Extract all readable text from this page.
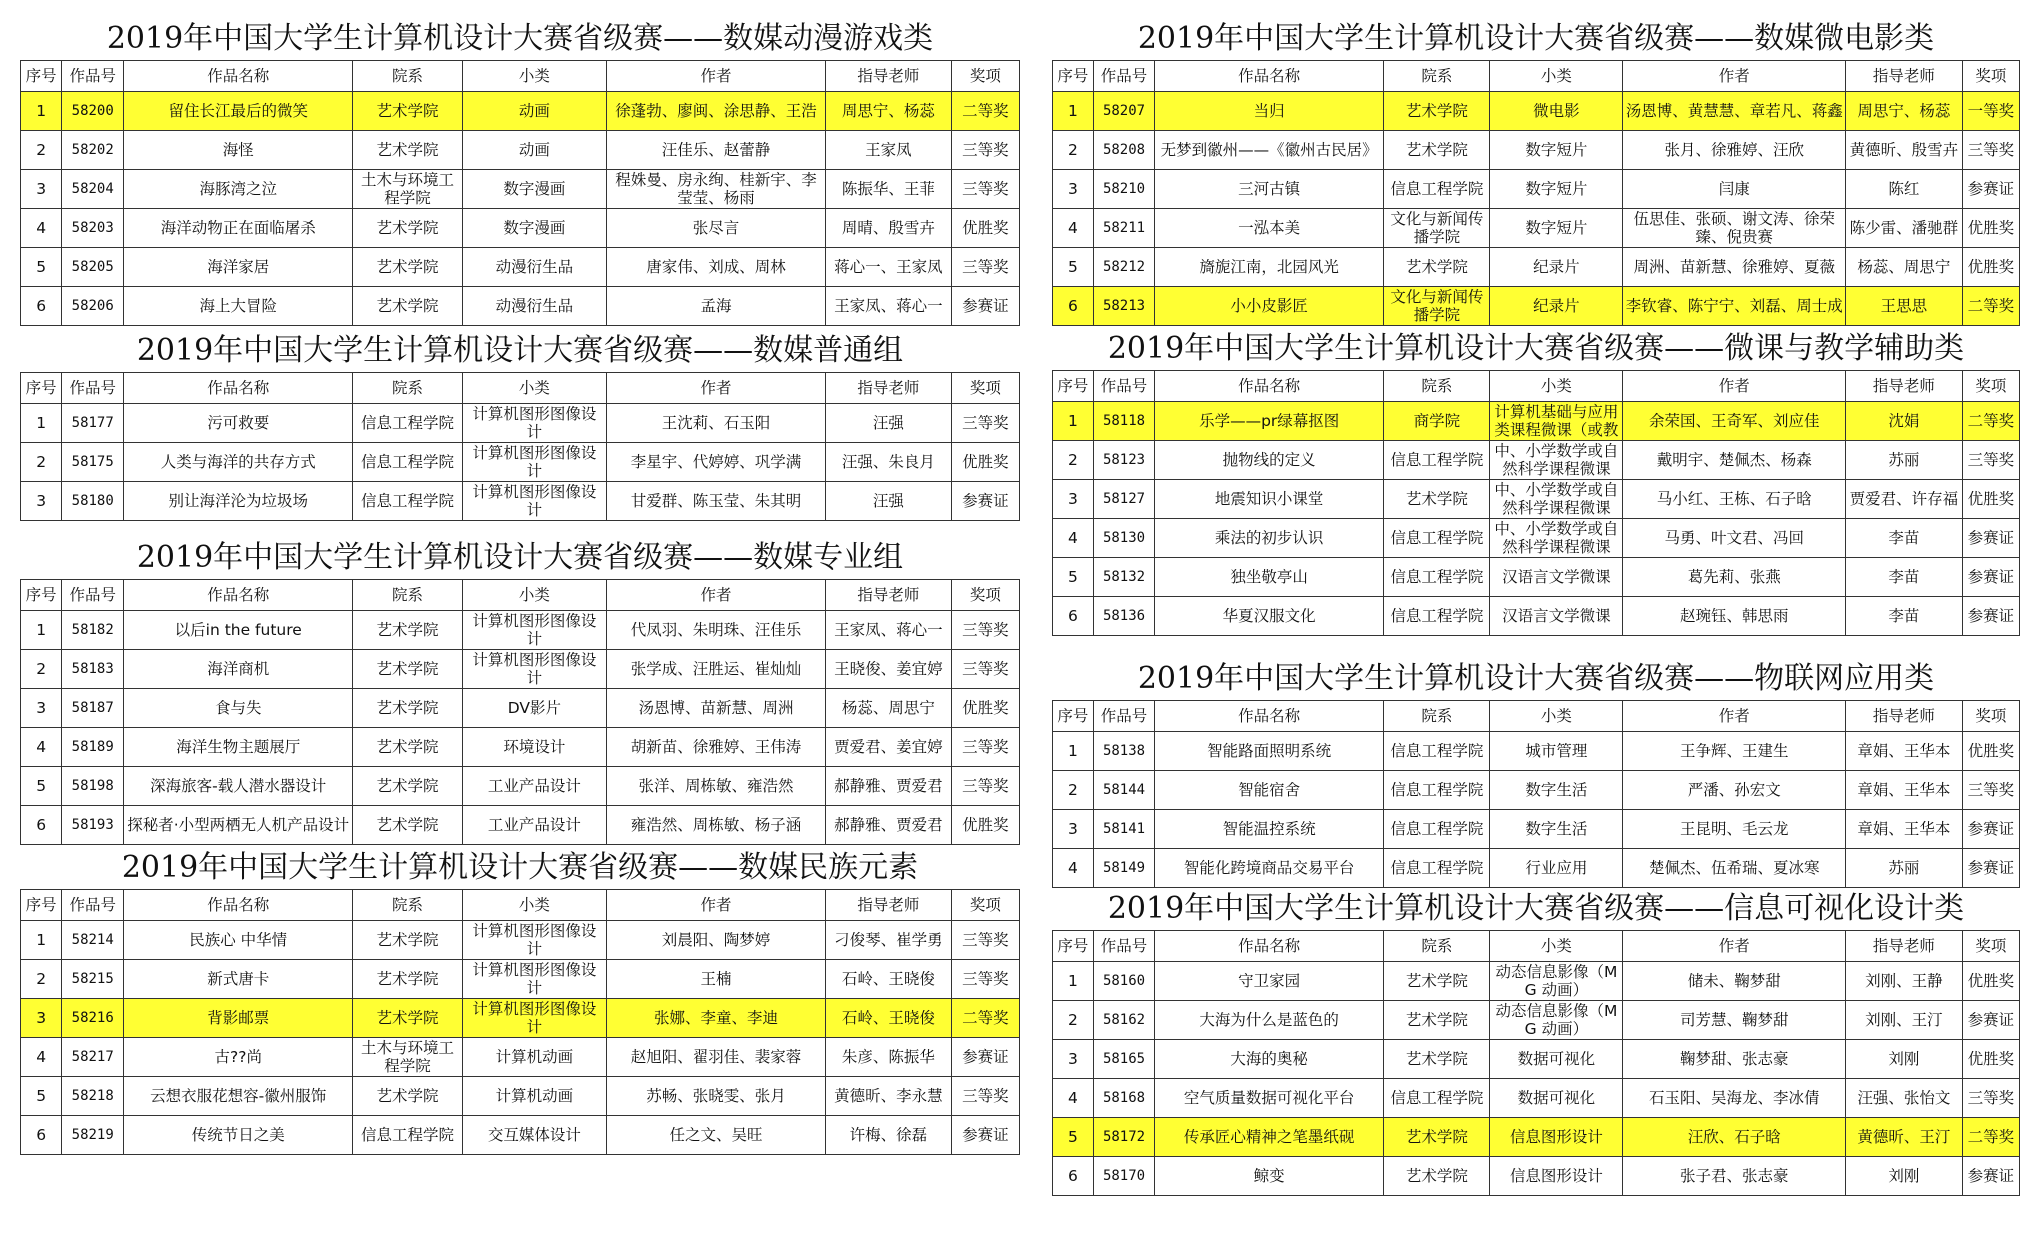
2019年中国大学生计算机设计大赛省级赛——数媒动漫游戏类
序号	作品号	作品名称	院系	小类	作者	指导老师	奖项
1	58200	留住长江最后的微笑	艺术学院	动画	徐蓬勃、廖闽、涂思静、王浩	周思宁、杨蕊	二等奖
2	58202	海怪	艺术学院	动画	汪佳乐、赵蕾静	王家凤	三等奖
3	58204	海豚湾之泣	土木与环境工程学院	数字漫画	程姝曼、房永绚、桂新宇、李莹莹、杨雨	陈振华、王菲	三等奖
4	58203	海洋动物正在面临屠杀	艺术学院	数字漫画	张尽言	周晴、殷雪卉	优胜奖
5	58205	海洋家居	艺术学院	动漫衍生品	唐家伟、刘成、周林	蒋心一、王家凤	三等奖
6	58206	海上大冒险	艺术学院	动漫衍生品	孟海	王家凤、蒋心一	参赛证
2019年中国大学生计算机设计大赛省级赛——数媒普通组
序号	作品号	作品名称	院系	小类	作者	指导老师	奖项
1	58177	污可救要	信息工程学院	计算机图形图像设计	王沈莉、石玉阳	汪强	三等奖
2	58175	人类与海洋的共存方式	信息工程学院	计算机图形图像设计	李星宇、代婷婷、巩学满	汪强、朱良月	优胜奖
3	58180	别让海洋沦为垃圾场	信息工程学院	计算机图形图像设计	甘爱群、陈玉莹、朱其明	汪强	参赛证
2019年中国大学生计算机设计大赛省级赛——数媒专业组
序号	作品号	作品名称	院系	小类	作者	指导老师	奖项
1	58182	以后in the future	艺术学院	计算机图形图像设计	代凤羽、朱明珠、汪佳乐	王家凤、蒋心一	三等奖
2	58183	海洋商机	艺术学院	计算机图形图像设计	张学成、汪胜运、崔灿灿	王晓俊、姜宜婷	三等奖
3	58187	食与失	艺术学院	DV影片	汤恩博、苗新慧、周洲	杨蕊、周思宁	优胜奖
4	58189	海洋生物主题展厅	艺术学院	环境设计	胡新苗、徐雅婷、王伟涛	贾爱君、姜宜婷	三等奖
5	58198	深海旅客-载人潜水器设计	艺术学院	工业产品设计	张洋、周栋敏、雍浩然	郝静雅、贾爱君	三等奖
6	58193	探秘者·小型两栖无人机产品设计	艺术学院	工业产品设计	雍浩然、周栋敏、杨子涵	郝静雅、贾爱君	优胜奖
2019年中国大学生计算机设计大赛省级赛——数媒民族元素
序号	作品号	作品名称	院系	小类	作者	指导老师	奖项
1	58214	民族心 中华情	艺术学院	计算机图形图像设计	刘晨阳、陶梦婷	刁俊琴、崔学勇	三等奖
2	58215	新式唐卡	艺术学院	计算机图形图像设计	王楠	石岭、王晓俊	三等奖
3	58216	背影邮票	艺术学院	计算机图形图像设计	张娜、李童、李迪	石岭、王晓俊	二等奖
4	58217	古??尚	土木与环境工程学院	计算机动画	赵旭阳、翟羽佳、裴家蓉	朱彦、陈振华	参赛证
5	58218	云想衣服花想容-徽州服饰	艺术学院	计算机动画	苏畅、张晓雯、张月	黄德昕、李永慧	三等奖
6	58219	传统节日之美	信息工程学院	交互媒体设计	任之文、吴旺	许梅、徐磊	参赛证
2019年中国大学生计算机设计大赛省级赛——数媒微电影类
序号	作品号	作品名称	院系	小类	作者	指导老师	奖项
1	58207	当归	艺术学院	微电影	汤恩博、黄慧慧、章若凡、蒋鑫	周思宁、杨蕊	一等奖
2	58208	无梦到徽州——《徽州古民居》	艺术学院	数字短片	张月、徐雅婷、汪欣	黄德昕、殷雪卉	三等奖
3	58210	三河古镇	信息工程学院	数字短片	闫康	陈红	参赛证
4	58211	一泓本美	文化与新闻传播学院	数字短片	伍思佳、张硕、谢文涛、徐荣臻、倪贵赛	陈少雷、潘驰群	优胜奖
5	58212	旖旎江南，北园风光	艺术学院	纪录片	周洲、苗新慧、徐雅婷、夏薇	杨蕊、周思宁	优胜奖
6	58213	小小皮影匠	文化与新闻传播学院	纪录片	李钦睿、陈宁宁、刘磊、周士成	王思思	二等奖
2019年中国大学生计算机设计大赛省级赛——微课与教学辅助类
序号	作品号	作品名称	院系	小类	作者	指导老师	奖项
1	58118	乐学——pr绿幕抠图	商学院	计算机基础与应用类课程微课（或教	余荣国、王奇军、刘应佳	沈娟	二等奖
2	58123	抛物线的定义	信息工程学院	中、小学数学或自然科学课程微课	戴明宇、楚佩杰、杨森	苏丽	三等奖
3	58127	地震知识小课堂	艺术学院	中、小学数学或自然科学课程微课	马小红、王栋、石子晗	贾爱君、许存福	优胜奖
4	58130	乘法的初步认识	信息工程学院	中、小学数学或自然科学课程微课	马勇、叶文君、冯回	李苗	参赛证
5	58132	独坐敬亭山	信息工程学院	汉语言文学微课	葛先莉、张燕	李苗	参赛证
6	58136	华夏汉服文化	信息工程学院	汉语言文学微课	赵琬钰、韩思雨	李苗	参赛证
2019年中国大学生计算机设计大赛省级赛——物联网应用类
序号	作品号	作品名称	院系	小类	作者	指导老师	奖项
1	58138	智能路面照明系统	信息工程学院	城市管理	王争辉、王建生	章娟、王华本	优胜奖
2	58144	智能宿舍	信息工程学院	数字生活	严潘、孙宏文	章娟、王华本	三等奖
3	58141	智能温控系统	信息工程学院	数字生活	王昆明、毛云龙	章娟、王华本	参赛证
4	58149	智能化跨境商品交易平台	信息工程学院	行业应用	楚佩杰、伍希瑞、夏冰寒	苏丽	参赛证
2019年中国大学生计算机设计大赛省级赛——信息可视化设计类
序号	作品号	作品名称	院系	小类	作者	指导老师	奖项
1	58160	守卫家园	艺术学院	动态信息影像（MG 动画）	储未、鞠梦甜	刘刚、王静	优胜奖
2	58162	大海为什么是蓝色的	艺术学院	动态信息影像（MG 动画）	司芳慧、鞠梦甜	刘刚、王汀	参赛证
3	58165	大海的奥秘	艺术学院	数据可视化	鞠梦甜、张志豪	刘刚	优胜奖
4	58168	空气质量数据可视化平台	信息工程学院	数据可视化	石玉阳、吴海龙、李冰倩	汪强、张怡文	三等奖
5	58172	传承匠心精神之笔墨纸砚	艺术学院	信息图形设计	汪欣、石子晗	黄德昕、王汀	二等奖
6	58170	鲸变	艺术学院	信息图形设计	张子君、张志豪	刘刚	参赛证
